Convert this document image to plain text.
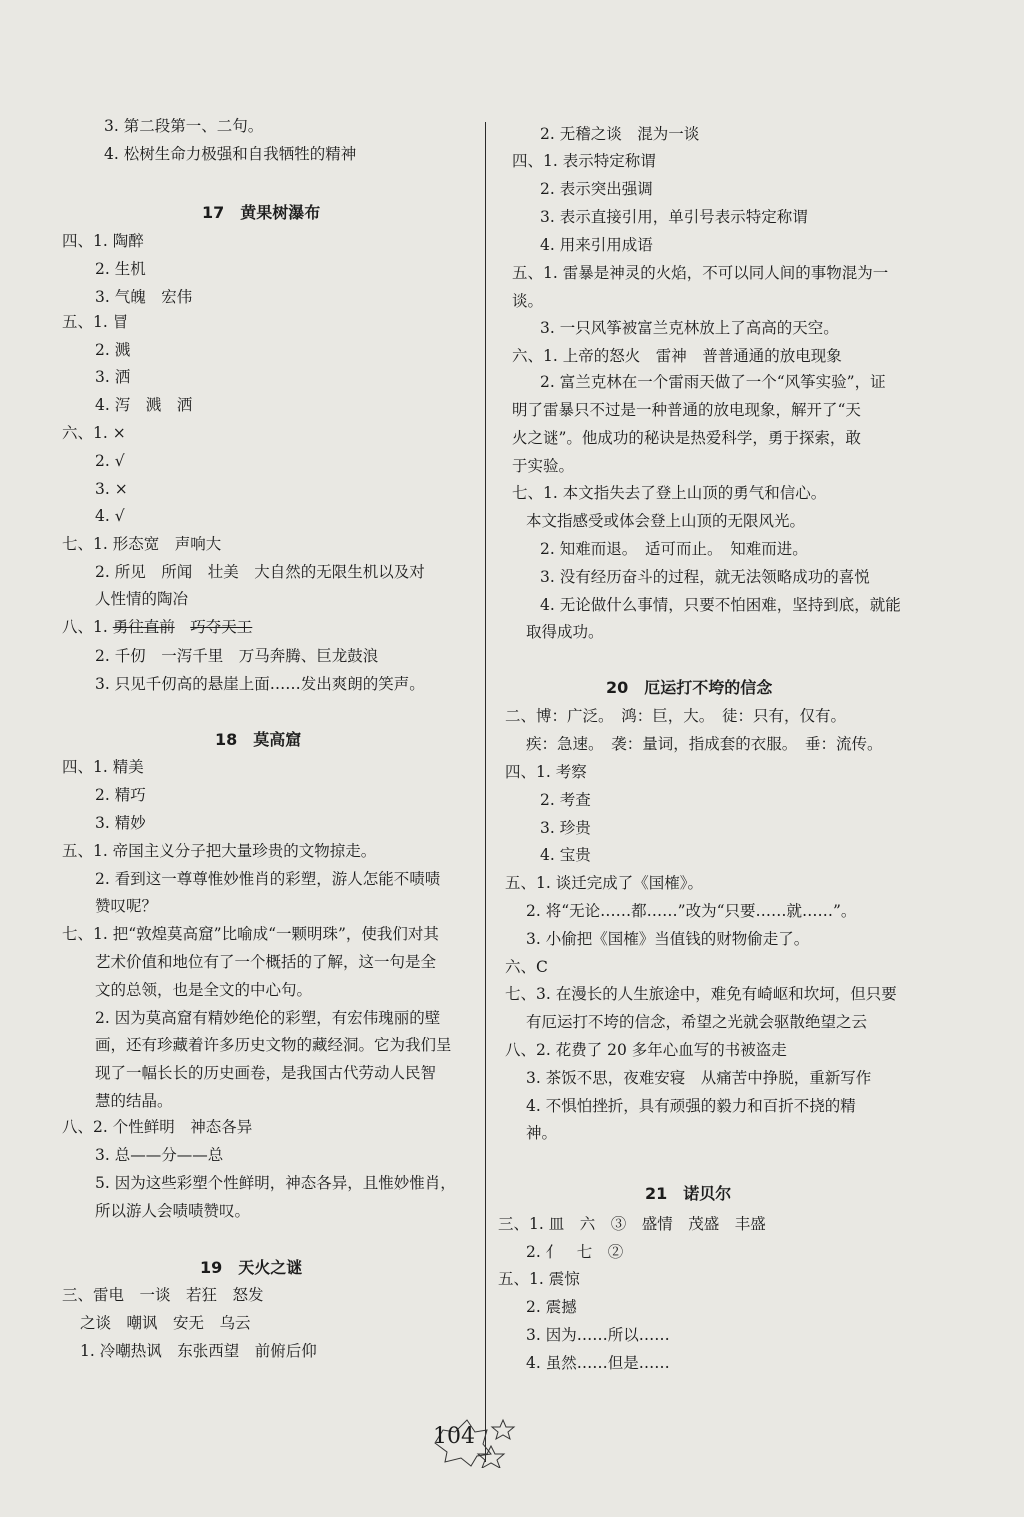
3. 第二段第一、二句。
4. 松树生命力极强和自我牺牲的精神
17　黄果树瀑布
四、1. 陶醉
2. 生机
3. 气魄　宏伟
五、1. 冒
2. 溅
3. 洒
4. 泻　溅　洒
六、1. ×
2. √
3. ×
4. √
七、1. 形态宽　声响大
2. 所见　所闻　壮美　大自然的无限生机以及对
人性情的陶冶
八、1. 勇往直前　 巧夺天工
2. 千仞　一泻千里　万马奔腾、巨龙鼓浪
3. 只见千仞高的悬崖上面……发出爽朗的笑声。
18　莫高窟
四、1. 精美
2. 精巧
3. 精妙
五、1. 帝国主义分子把大量珍贵的文物掠走。
2. 看到这一尊尊惟妙惟肖的彩塑，游人怎能不啧啧
赞叹呢？
七、1. 把“敦煌莫高窟”比喻成“一颗明珠”，使我们对其
艺术价值和地位有了一个概括的了解，这一句是全
文的总领，也是全文的中心句。
2. 因为莫高窟有精妙绝伦的彩塑，有宏伟瑰丽的壁
画，还有珍藏着许多历史文物的藏经洞。它为我们呈
现了一幅长长的历史画卷，是我国古代劳动人民智
慧的结晶。
八、2. 个性鲜明　神态各异
3. 总——分——总
5. 因为这些彩塑个性鲜明，神态各异，且惟妙惟肖，
所以游人会啧啧赞叹。
19　天火之谜
三、雷电　一谈　若狂　怒发
之谈　嘲讽　安无　乌云
1. 冷嘲热讽　东张西望　前俯后仰
2. 无稽之谈　混为一谈
四、1. 表示特定称谓
2. 表示突出强调
3. 表示直接引用，单引号表示特定称谓
4. 用来引用成语
五、1. 雷暴是神灵的火焰，不可以同人间的事物混为一
谈。
3. 一只风筝被富兰克林放上了高高的天空。
六、1. 上帝的怒火　雷神　普普通通的放电现象
2. 富兰克林在一个雷雨天做了一个“风筝实验”，证
明了雷暴只不过是一种普通的放电现象，解开了“天
火之谜”。他成功的秘诀是热爱科学，勇于探索，敢
于实验。
七、1. 本文指失去了登上山顶的勇气和信心。
本文指感受或体会登上山顶的无限风光。
2. 知难而退。　适可而止。　知难而进。
3. 没有经历奋斗的过程，就无法领略成功的喜悦
4. 无论做什么事情，只要不怕困难，坚持到底，就能
取得成功。
20　厄运打不垮的信念
二、博：广泛。　鸿：巨，大。　徒：只有，仅有。
疾：急速。　袭：量词，指成套的衣服。　垂：流传。
四、1. 考察
2. 考查
3. 珍贵
4. 宝贵
五、1. 谈迁完成了《国榷》。
2. 将“无论……都……”改为“只要……就……”。
3. 小偷把《国榷》当值钱的财物偷走了。
六、C
七、3. 在漫长的人生旅途中，难免有崎岖和坎坷，但只要
有厄运打不垮的信念，希望之光就会驱散绝望之云
八、2. 花费了 20 多年心血写的书被盗走
3. 茶饭不思，夜难安寝　从痛苦中挣脱，重新写作
4. 不惧怕挫折，具有顽强的毅力和百折不挠的精
神。
21　诺贝尔
三、1. 皿　六　③　盛情　茂盛　丰盛
2. 亻　七　②
五、1. 震惊
2. 震撼
3. 因为……所以……
4. 虽然……但是……
104
